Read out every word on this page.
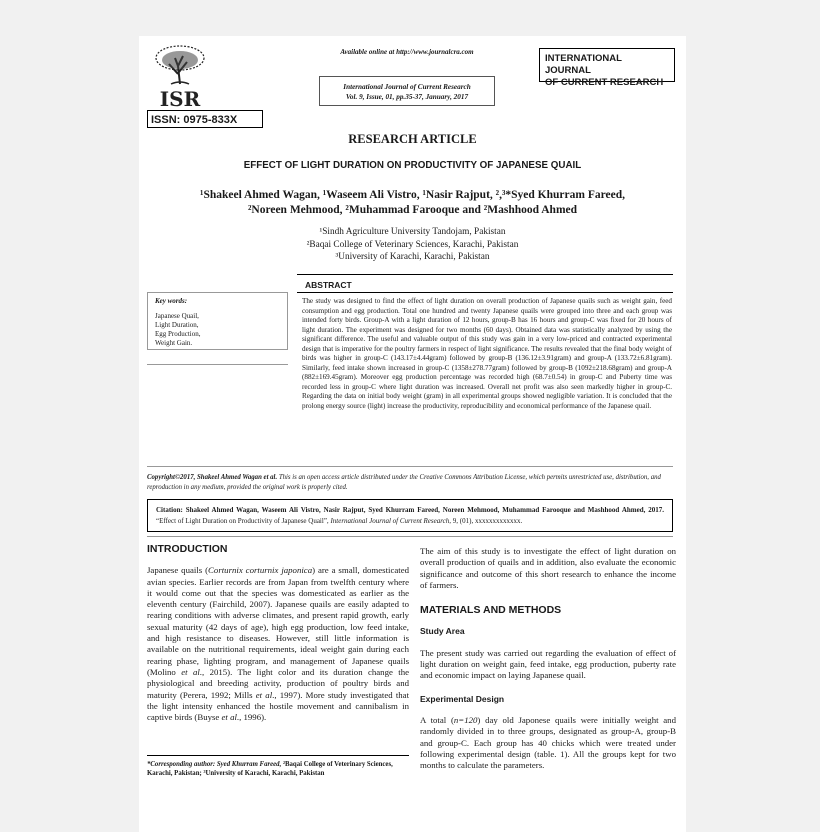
ISR
ISSN: 0975-833X
Available online at http://www.journalcra.com
International Journal of Current Research
Vol. 9, Issue, 01, pp.35-37, January, 2017
INTERNATIONAL JOURNAL
OF CURRENT RESEARCH
RESEARCH ARTICLE
EFFECT OF LIGHT DURATION ON PRODUCTIVITY OF JAPANESE QUAIL
¹Shakeel Ahmed Wagan, ¹Waseem Ali Vistro, ¹Nasir Rajput, ²,³*Syed Khurram Fareed,
²Noreen Mehmood, ²Muhammad Farooque and ²Mashhood Ahmed
¹Sindh Agriculture University Tandojam, Pakistan
²Baqai College of Veterinary Sciences, Karachi, Pakistan
³University of Karachi, Karachi, Pakistan
ABSTRACT
Key words:
Japanese Quail,
Light Duration,
Egg Production,
Weight Gain.
The study was designed to find the effect of light duration on overall production of Japanese quails such as weight gain, feed consumption and egg production. Total one hundred and twenty Japanese quails were grouped into three and each group was intended forty birds. Group-A with a light duration of 12 hours, group-B has 16 hours and group-C was fixed for 20 hours of light duration. The experiment was designed for two months (60 days). Obtained data was statistically analyzed by using the significant difference. The useful and valuable output of this study was gain in a very low-priced and contracted experimental design that is imperative for the poultry farmers in respect of light significance. The results revealed that the final body weight of birds was higher in group-C (143.17±4.44gram) followed by group-B (136.12±3.91gram) and group-A (133.72±6.81gram). Similarly, feed intake shown increased in group-C (1358±278.77gram) followed by group-B (1092±218.68gram) and group-A (882±169.45gram). Moreover egg production percentage was recorded high (68.7±0.54) in group-C and Puberty time was recorded less in group-C where light duration was increased. Overall net profit was also seen markedly higher in group-C. Regarding the data on initial body weight (gram) in all experimental groups showed negligible variation. It is concluded that the prolong energy source (light) increase the productivity, reproducibility and economical performance of the Japanese quail.
Copyright©2017, Shakeel Ahmed Wagan et al. This is an open access article distributed under the Creative Commons Attribution License, which permits unrestricted use, distribution, and reproduction in any medium, provided the original work is properly cited.
Citation: Shakeel Ahmed Wagan, Waseem Ali Vistro, Nasir Rajput, Syed Khurram Fareed, Noreen Mehmood, Muhammad Farooque and Mashhood Ahmed, 2017. “Effect of Light Duration on Productivity of Japanese Quail”, International Journal of Current Research, 9, (01), xxxxxxxxxxxxx.
INTRODUCTION
Japanese quails (Corturnix corturnix japonica) are a small, domesticated avian species. Earlier records are from Japan from twelfth century where it would come out that the species was domesticated as earlier as the eleventh century (Fairchild, 2007). Japanese quails are easily adapted to rearing conditions with adverse climates, and present rapid growth, early sexual maturity (42 days of age), high egg production, low feed intake, and high resistance to diseases. However, still little information is available on the nutritional requirements, ideal weight gain during each rearing phase, lighting program, and management of Japanese quails (Molino et al., 2015). The light color and its duration change the physiological and breeding activity, production of poultry birds and maturity (Perera, 1992; Mills et al., 1997). More study investigated that the light intensity enhanced the hostile movement and cannibalism in captive birds (Buyse et al., 1996).
*Corresponding author: Syed Khurram Fareed, ²Baqai College of Veterinary Sciences, Karachi, Pakistan; ³University of Karachi, Karachi, Pakistan
The aim of this study is to investigate the effect of light duration on overall production of quails and in addition, also evaluate the economic significance and outcome of this short research to enhance the income of farmers.
MATERIALS AND METHODS
Study Area
The present study was carried out regarding the evaluation of effect of light duration on weight gain, feed intake, egg production, puberty rate and economic impact on laying Japanese quail.
Experimental Design
A total (n=120) day old Japonese quails were initially weight and randomly divided in to three groups, designated as group-A, group-B and group-C. Each group has 40 chicks which were treated under following experimental design (table. 1). All the groups kept for two months to calculate the parameters.
